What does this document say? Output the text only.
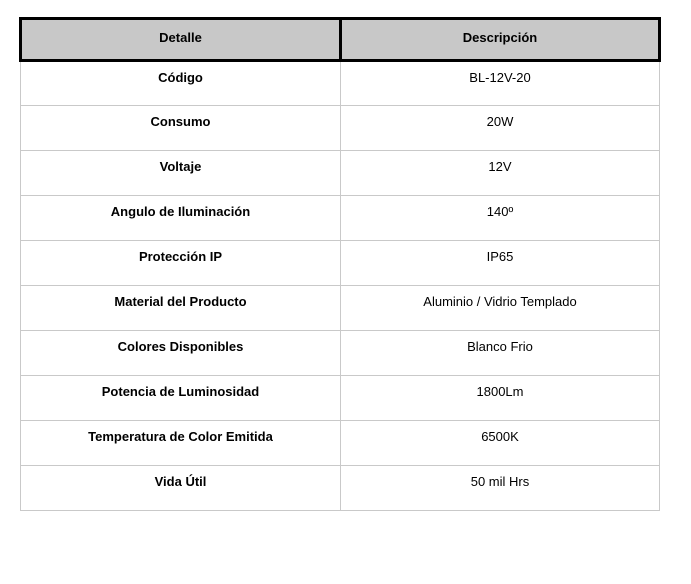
Detalle	Descripción

Código	BL-12V-20

Consumo	20W

Voltaje	12V

Angulo de Iluminación	140º

Protección IP	IP65

Material del Producto	Aluminio / Vidrio Templado

Colores Disponibles	Blanco Frio

Potencia de Luminosidad	1800Lm

Temperatura de Color Emitida	6500K

Vida Útil	50 mil Hrs
